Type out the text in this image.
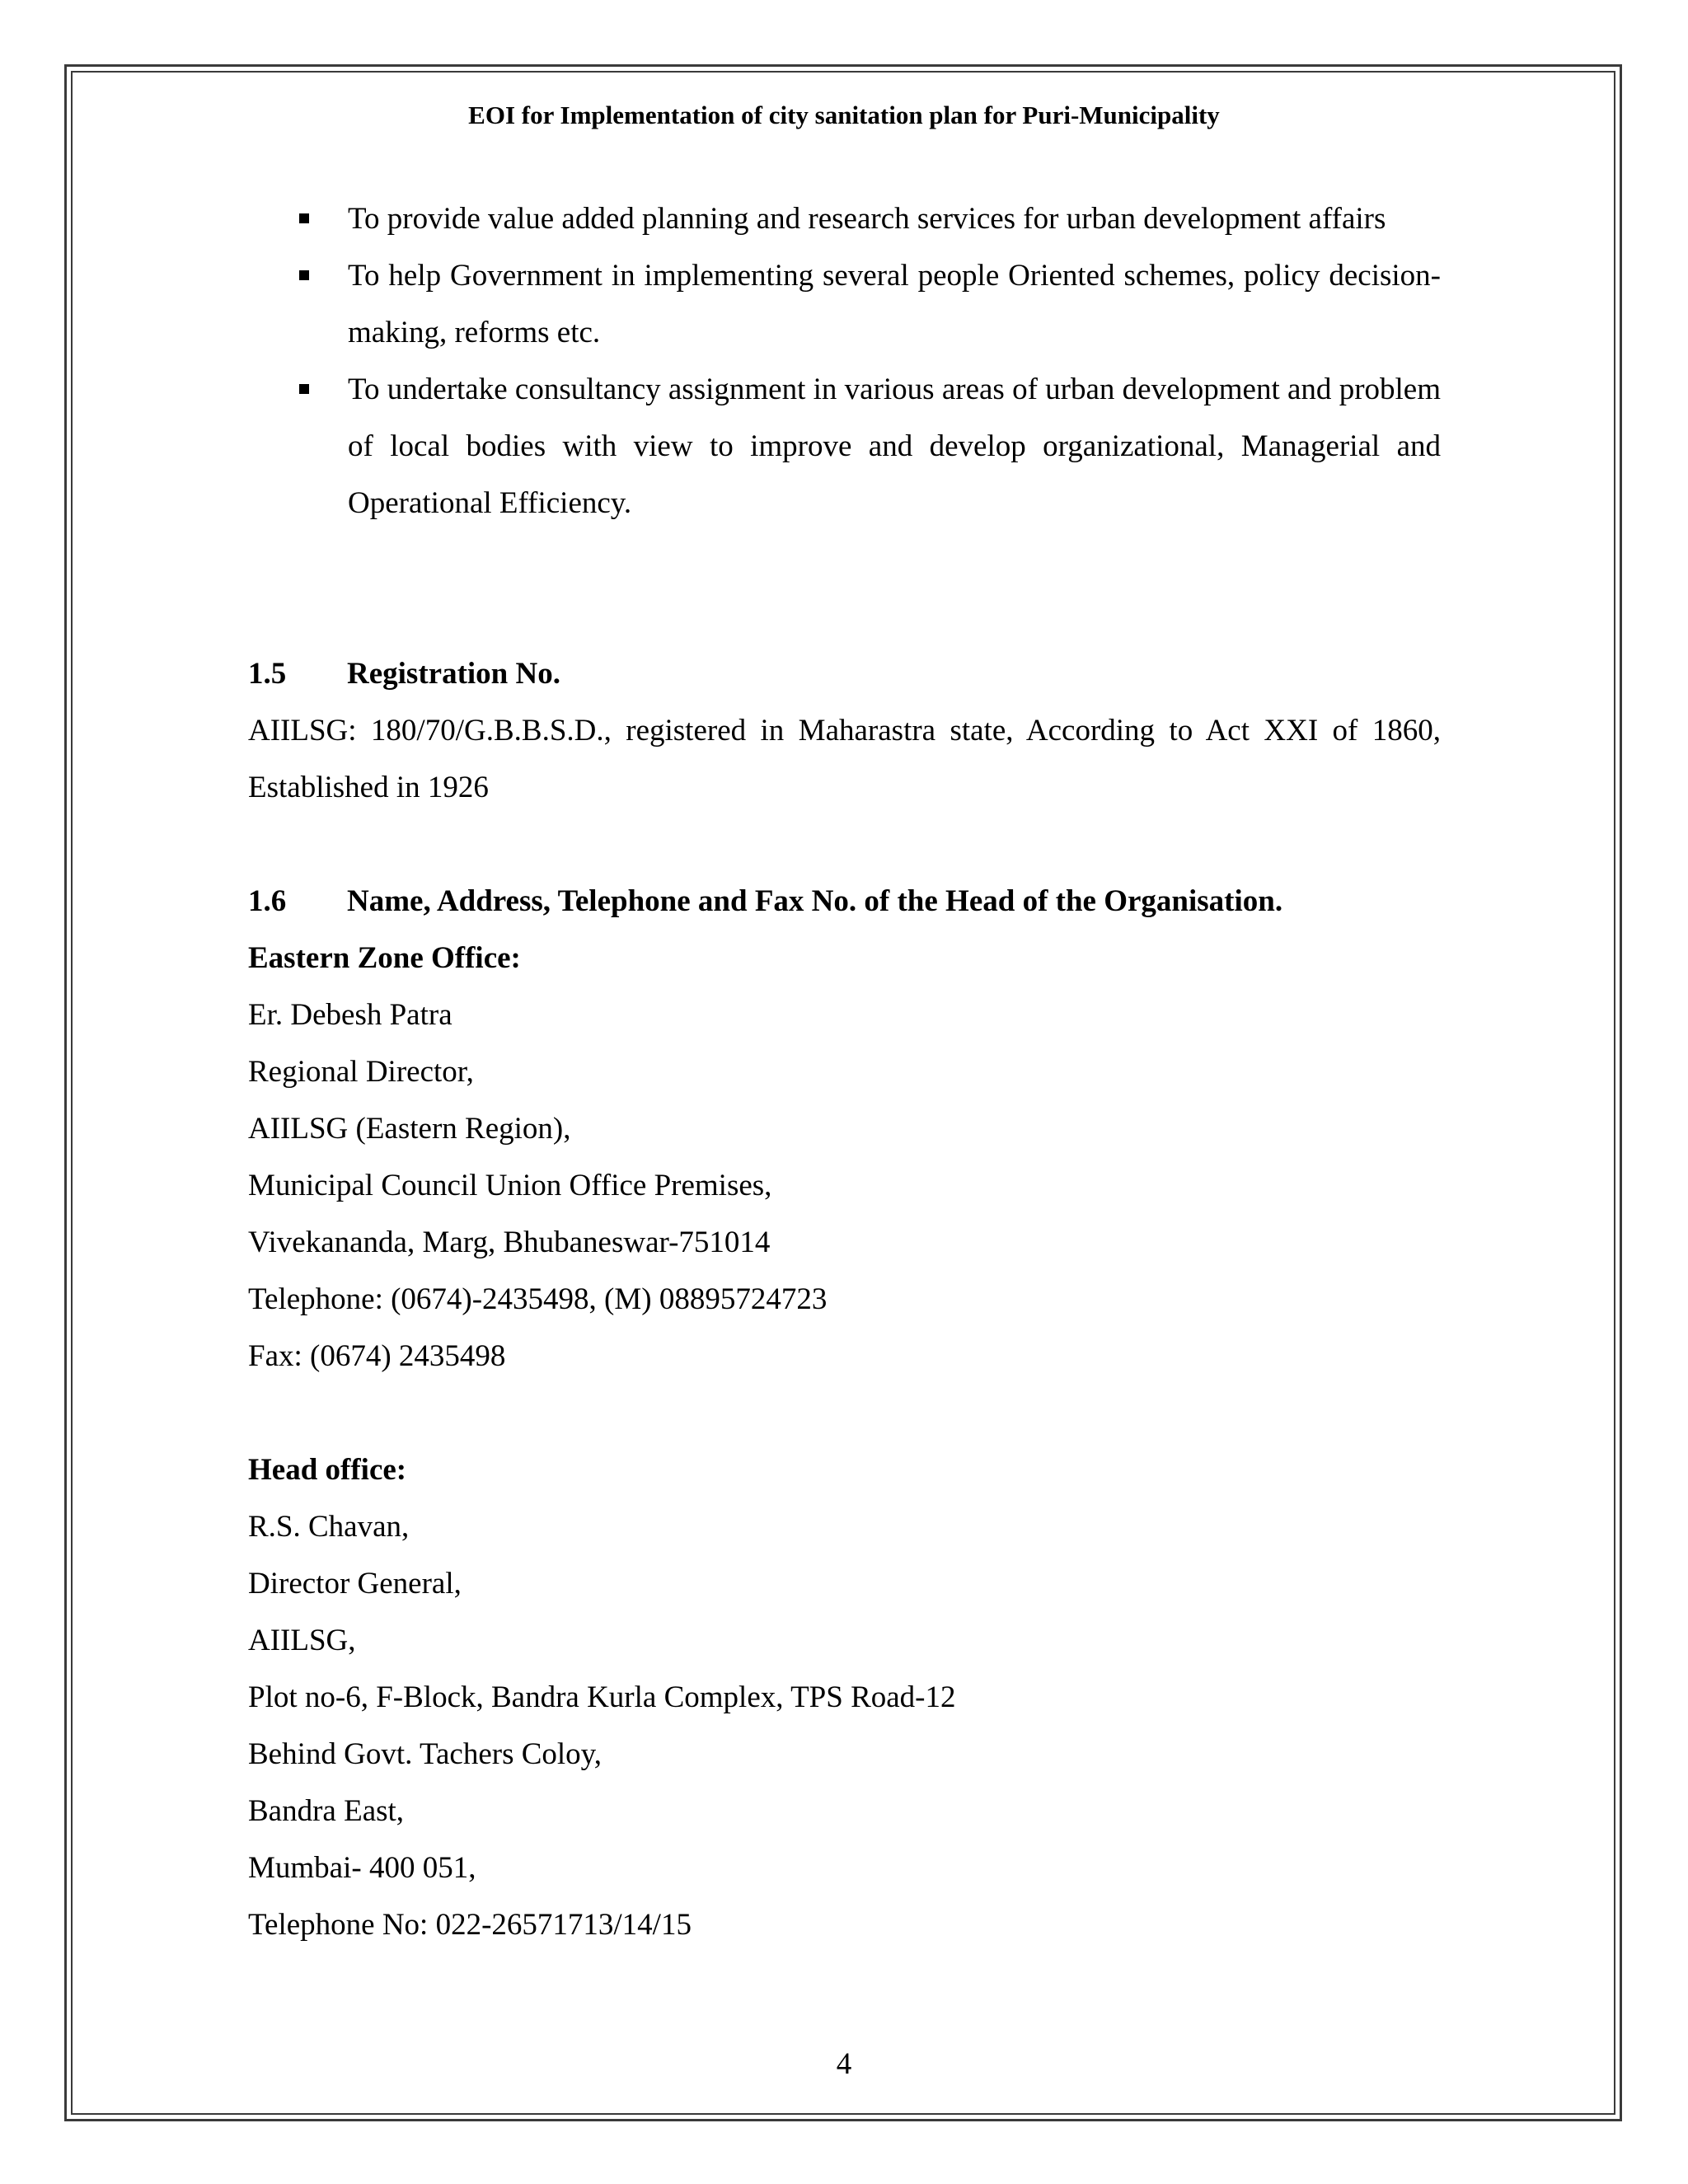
EOI for Implementation of city sanitation plan for Puri-Municipality
To provide value added planning and research services for urban development affairs
To help Government in implementing several people Oriented schemes, policy decision-making, reforms etc.
To undertake consultancy assignment in various areas of urban development and problem of local bodies with view to improve and develop organizational, Managerial and Operational Efficiency.
1.5	Registration No.
AIILSG: 180/70/G.B.B.S.D., registered in Maharastra state, According to Act XXI of 1860, Established in 1926
1.6	Name, Address, Telephone and Fax No. of the Head of the Organisation.
Eastern Zone Office:
Er. Debesh Patra
Regional Director,
AIILSG (Eastern Region),
Municipal Council Union Office Premises,
Vivekananda, Marg, Bhubaneswar-751014
Telephone: (0674)-2435498, (M) 08895724723
Fax: (0674) 2435498
Head office:
R.S. Chavan,
Director General,
AIILSG,
Plot no-6, F-Block, Bandra Kurla Complex, TPS Road-12
Behind Govt. Tachers Coloy,
Bandra East,
Mumbai- 400 051,
Telephone No: 022-26571713/14/15
4
